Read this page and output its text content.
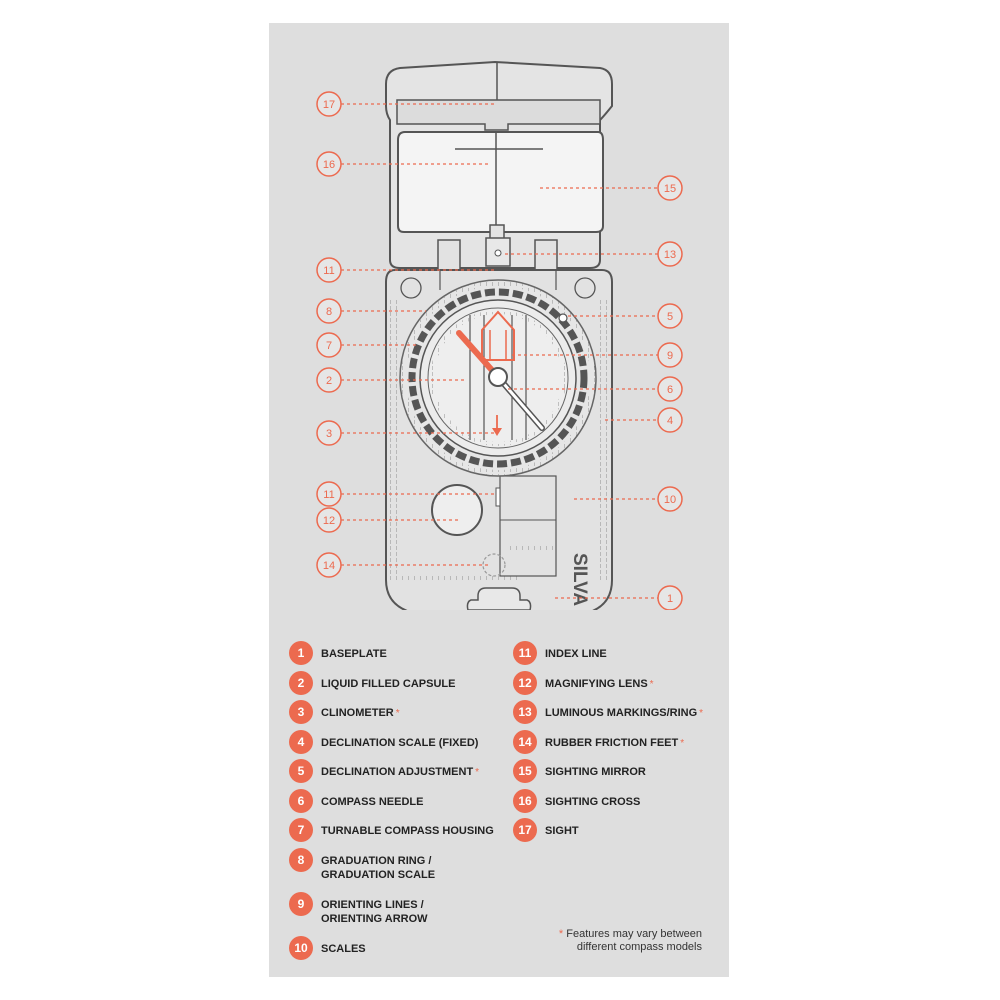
SILVA
17
16
15
13
11
8	5
7
9
2
6
3
4
11	10
12
14
1
1	BASEPLATE
2	LIQUID FILLED CAPSULE
3	CLINOMETER *
4	DECLINATION SCALE (FIXED)
5	DECLINATION ADJUSTMENT *
6	COMPASS NEEDLE
7	TURNABLE COMPASS HOUSING
8	GRADUATION RING /
GRADUATION SCALE
9	ORIENTING LINES /
ORIENTING ARROW
10	SCALES
11	INDEX LINE
12	MAGNIFYING LENS *
13	LUMINOUS MARKINGS/RING *
14	RUBBER FRICTION FEET *
15	SIGHTING MIRROR
16	SIGHTING CROSS
17	SIGHT
* Features may vary between
different compass models
